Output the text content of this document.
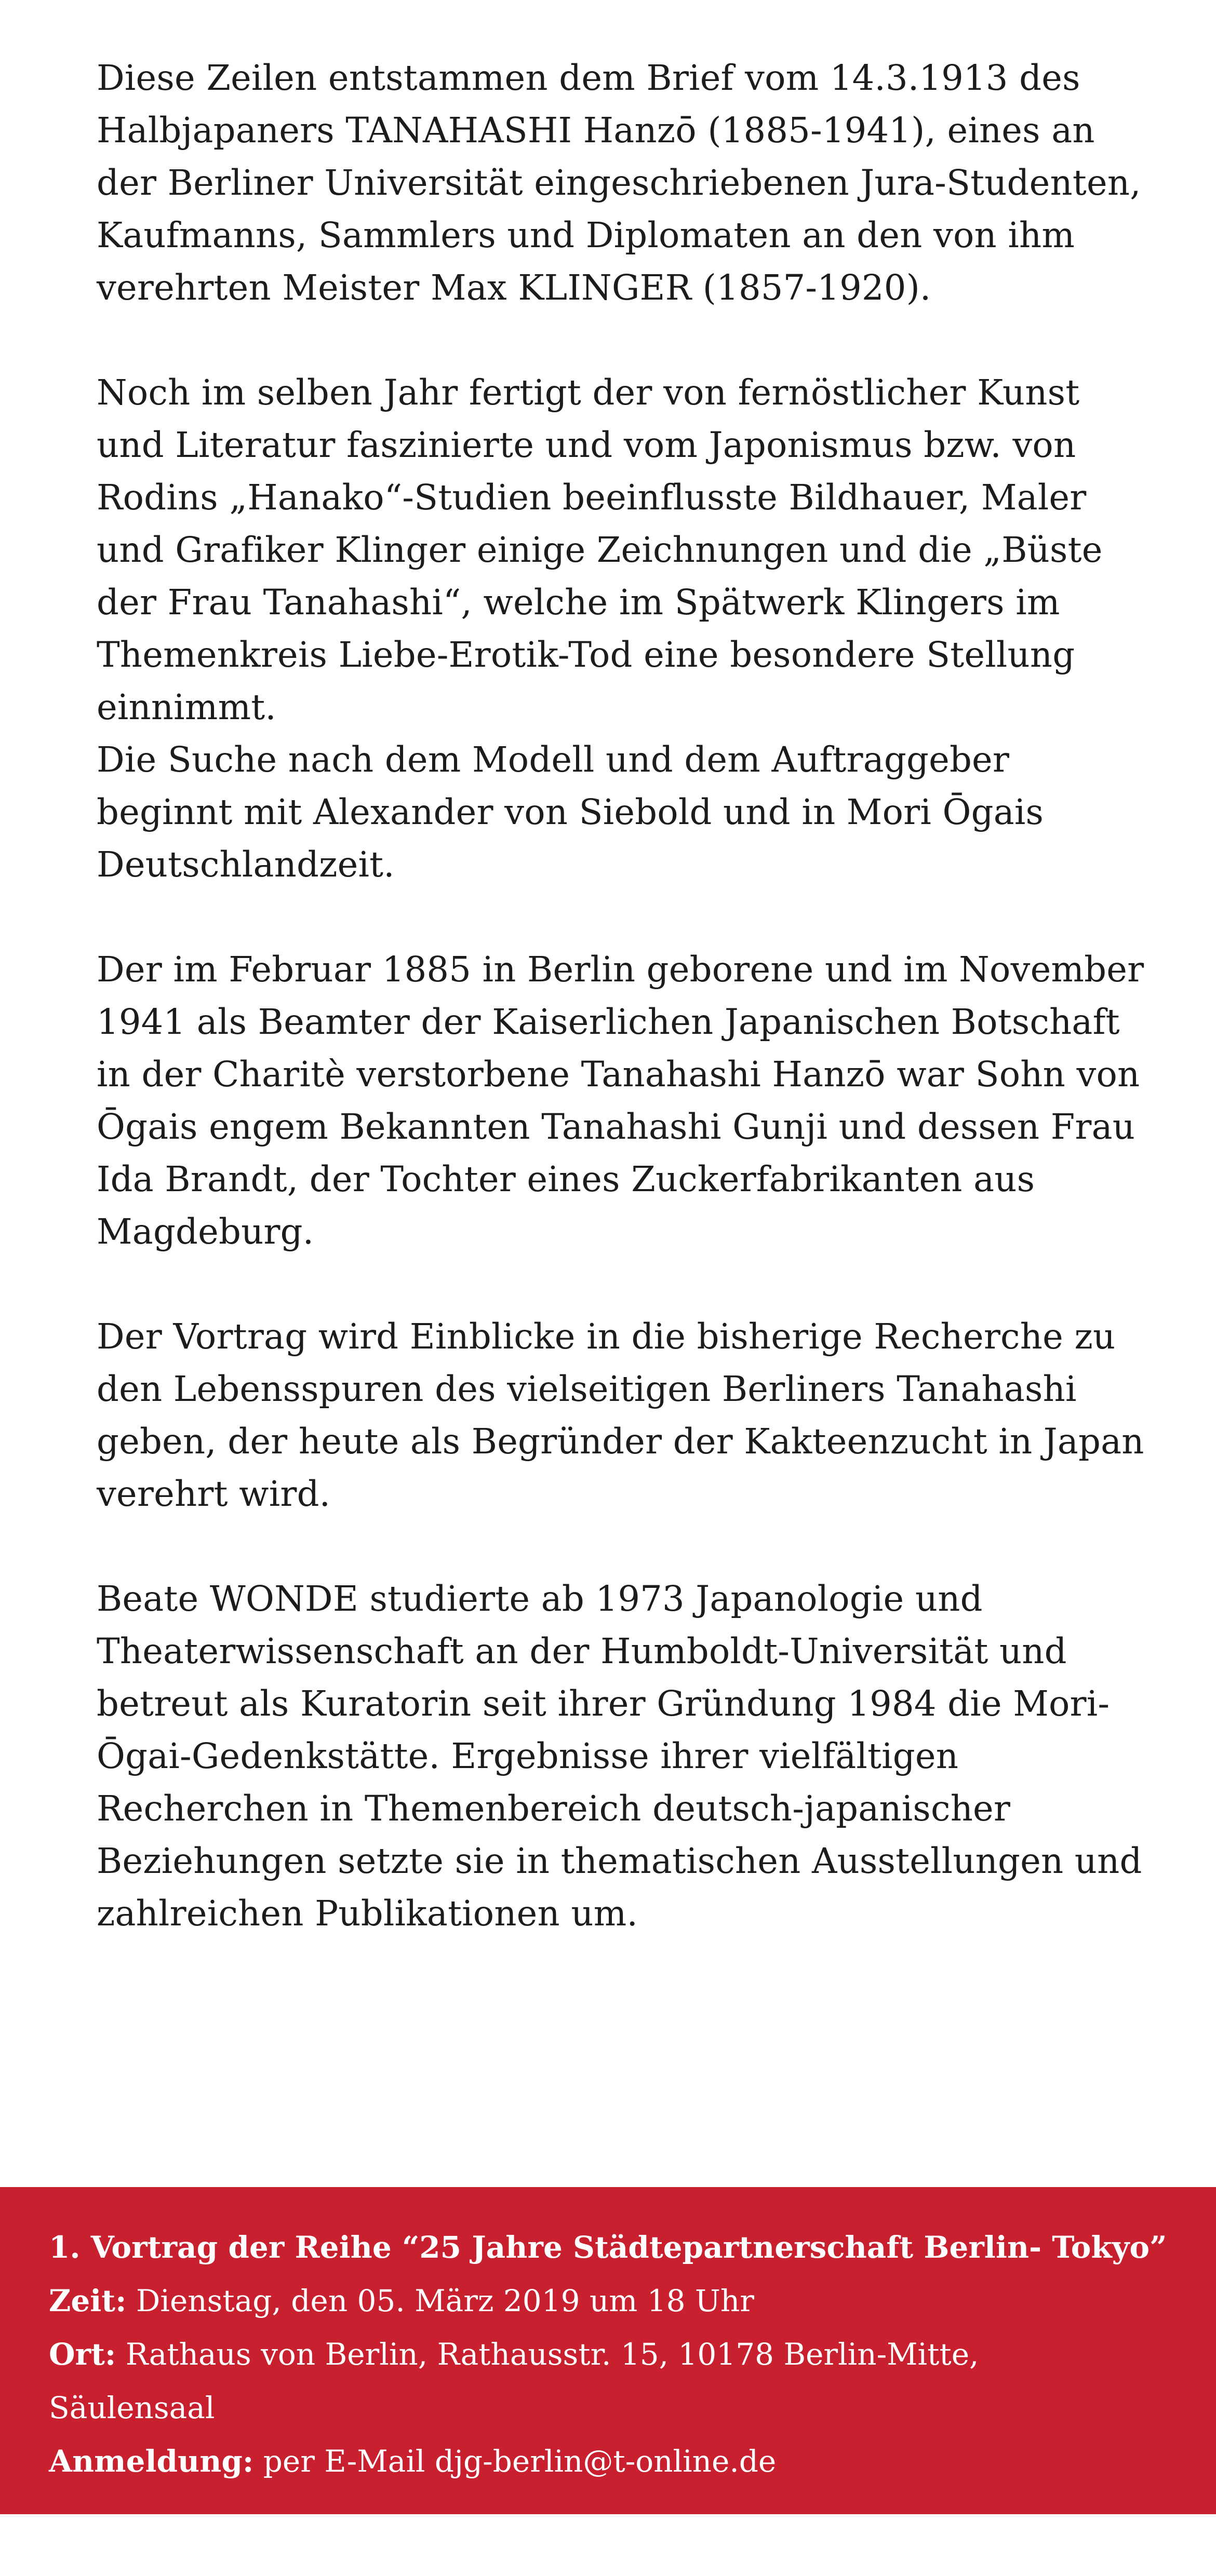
Diese Zeilen entstammen dem Brief vom 14.3.1913 des Halbjapaners TANAHASHI Hanzō (1885-1941), eines an der Berliner Universität eingeschriebenen Jura-Studenten, Kaufmanns, Sammlers und Diplomaten an den von ihm verehrten Meister Max KLINGER (1857-1920).

Noch im selben Jahr fertigt der von fernöstlicher Kunst und Literatur faszinierte und vom Japonismus bzw. von Rodins „Hanako“-Studien beeinflusste Bildhauer, Maler und Grafiker Klinger einige Zeichnungen und die „Büste der Frau Tanahashi“, welche im Spätwerk Klingers im Themenkreis Liebe-Erotik-Tod eine besondere Stellung einnimmt.

Die Suche nach dem Modell und dem Auftraggeber beginnt mit Alexander von Siebold und in Mori Ōgais Deutschlandzeit.

Der im Februar 1885 in Berlin geborene und im November 1941 als Beamter der Kaiserlichen Japanischen Botschaft in der Charitè verstorbene Tanahashi Hanzō war Sohn von Ōgais engem Bekannten Tanahashi Gunji und dessen Frau Ida Brandt, der Tochter eines Zuckerfabrikanten aus Magdeburg.

Der Vortrag wird Einblicke in die bisherige Recherche zu den Lebensspuren des vielseitigen Berliners Tanahashi geben, der heute als Begründer der Kakteenzucht in Japan verehrt wird.

Beate WONDE studierte ab 1973 Japanologie und Theaterwissenschaft an der Humboldt-Universität und betreut als Kuratorin seit ihrer Gründung 1984 die Mori-Ōgai-Gedenkstätte. Ergebnisse ihrer vielfältigen Recherchen in Themenbereich deutsch-japanischer Beziehungen setzte sie in thematischen Ausstellungen und zahlreichen Publikationen um.

1. Vortrag der Reihe “25 Jahre Städtepartnerschaft Berlin- Tokyo”

Zeit: Dienstag, den 05. März 2019 um 18 Uhr

Ort: Rathaus von Berlin, Rathausstr. 15, 10178 Berlin-Mitte,

Säulensaal

Anmeldung: per E-Mail djg-berlin@t-online.de
